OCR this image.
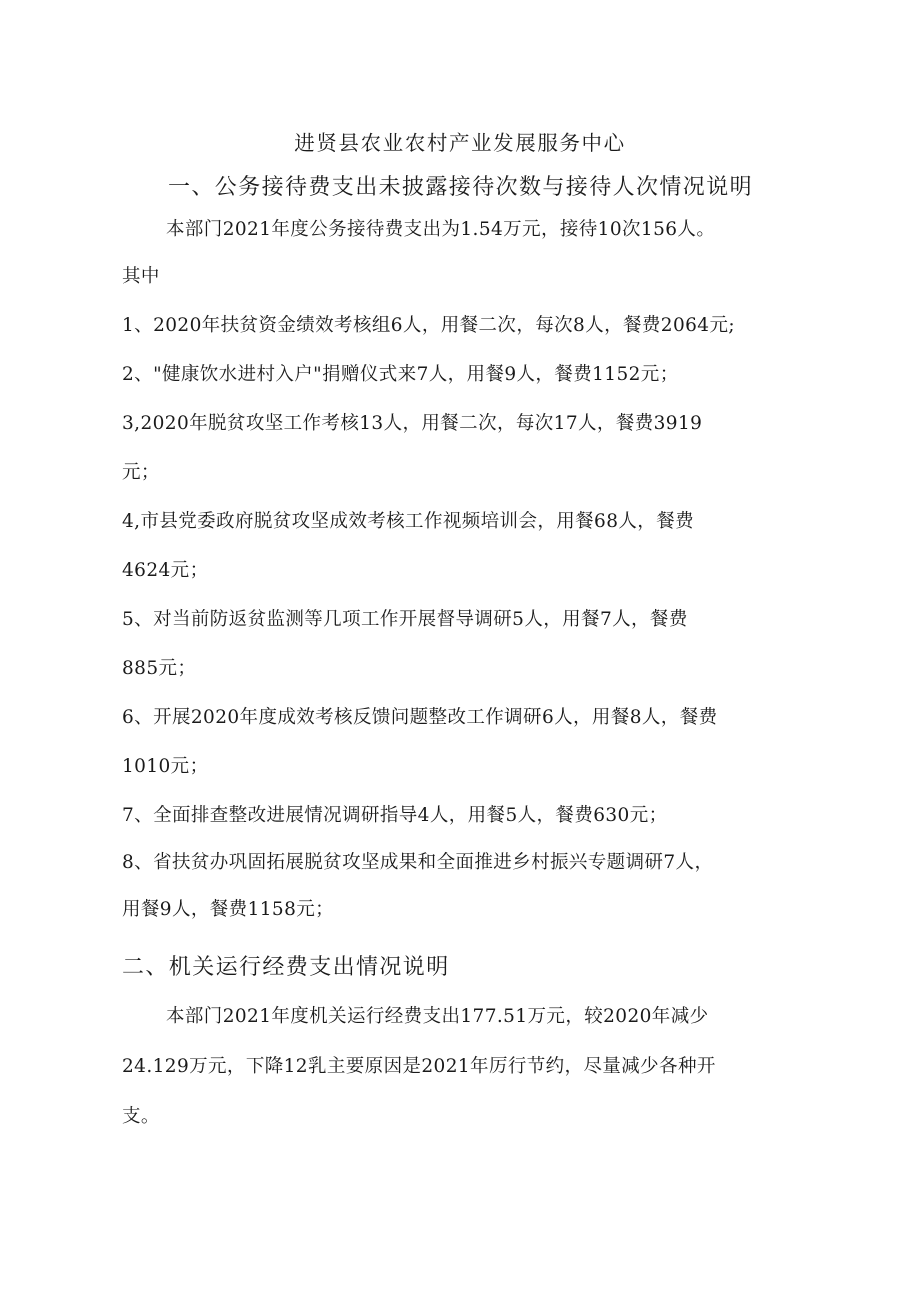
进贤县农业农村产业发展服务中心
一、公务接待费支出未披露接待次数与接待人次情况说明
本部门2021年度公务接待费支出为1.54万元，接待10次156人。
其中
1、2020年扶贫资金绩效考核组6人，用餐二次，每次8人，餐费2064元;
2、"健康饮水进村入户"捐赠仪式来7人，用餐9人，餐费1152元；
3,2020年脱贫攻坚工作考核13人，用餐二次，每次17人，餐费3919
元；
4,市县党委政府脱贫攻坚成效考核工作视频培训会，用餐68人，餐费
4624元；
5、对当前防返贫监测等几项工作开展督导调研5人，用餐7人，餐费
885元；
6、开展2020年度成效考核反馈问题整改工作调研6人，用餐8人，餐费
1010元；
7、全面排查整改进展情况调研指导4人，用餐5人，餐费630元；
8、省扶贫办巩固拓展脱贫攻坚成果和全面推进乡村振兴专题调研7人，
用餐9人，餐费1158元；
二、机关运行经费支出情况说明
本部门2021年度机关运行经费支出177.51万元，较2020年减少
24.129万元，下降12乳主要原因是2021年厉行节约，尽量减少各种开
支。
